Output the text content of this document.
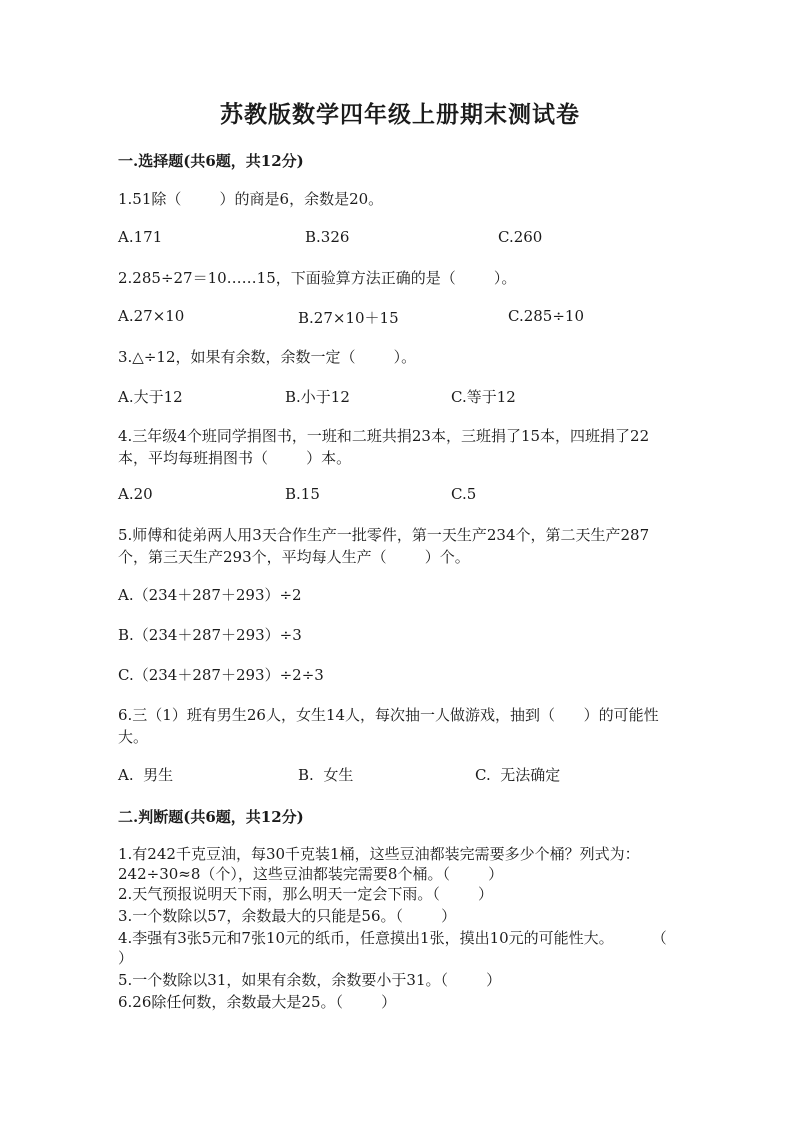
苏教版数学四年级上册期末测试卷
一.选择题(共6题，共12分)
1.51除（        ）的商是6，余数是20。
A.171	B.326	C.260
2.285÷27＝10……15，下面验算方法正确的是（        ）。
A.27×10	B.27×10＋15	C.285÷10
3.△÷12，如果有余数，余数一定（        ）。
A.大于12	B.小于12	C.等于12
4.三年级4个班同学捐图书，一班和二班共捐23本，三班捐了15本，四班捐了22本，平均每班捐图书（        ）本。
A.20	B.15	C.5
5.师傅和徒弟两人用3天合作生产一批零件，第一天生产234个，第二天生产287个，第三天生产293个，平均每人生产（        ）个。
A.（234＋287＋293）÷2
B.（234＋287＋293）÷3
C.（234＋287＋293）÷2÷3
6.三（1）班有男生26人，女生14人，每次抽一人做游戏，抽到（      ）的可能性大。
A.  男生	B.  女生	C.  无法确定
二.判断题(共6题，共12分)
1.有242千克豆油，每30千克装1桶，这些豆油都装完需要多少个桶？列式为：242÷30≈8（个），这些豆油都装完需要8个桶。（        ）
2.天气预报说明天下雨，那么明天一定会下雨。（        ）
3.一个数除以57，余数最大的只能是56。（        ）
4.李强有3张5元和7张10元的纸币，任意摸出1张，摸出10元的可能性大。        （        ）
5.一个数除以31，如果有余数，余数要小于31。（        ）
6.26除任何数，余数最大是25。（        ）
